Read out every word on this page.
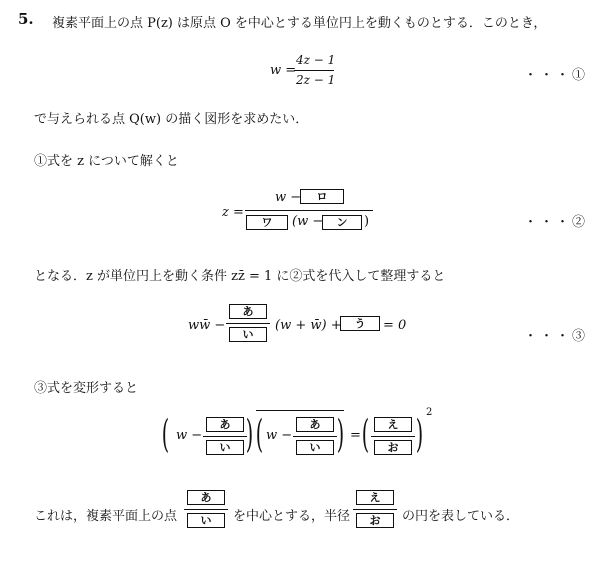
5. 複素平面上の点 P(z) は原点 O を中心とする単位円上を動くものとする．このとき，
w =
4z − 1
2z − 1	・・・①
で与えられる点 Q(w) の描く図形を求めたい．
①式を z について解くと
z =
w −	ロ
ワ	(w −	ン	)	・・・②
となる．z が単位円上を動く条件 zz̄ = 1 に②式を代入して整理すると
ww̄ −
あ
い
(w + w̄) +	う	= 0
・・・③
③式を変形すると
( w −
あ
い ) ( w −
あ
い ) = (	え
お ) 2
これは，複素平面上の点
あ
い	を中心とする，半径
え
お	の円を表している．
